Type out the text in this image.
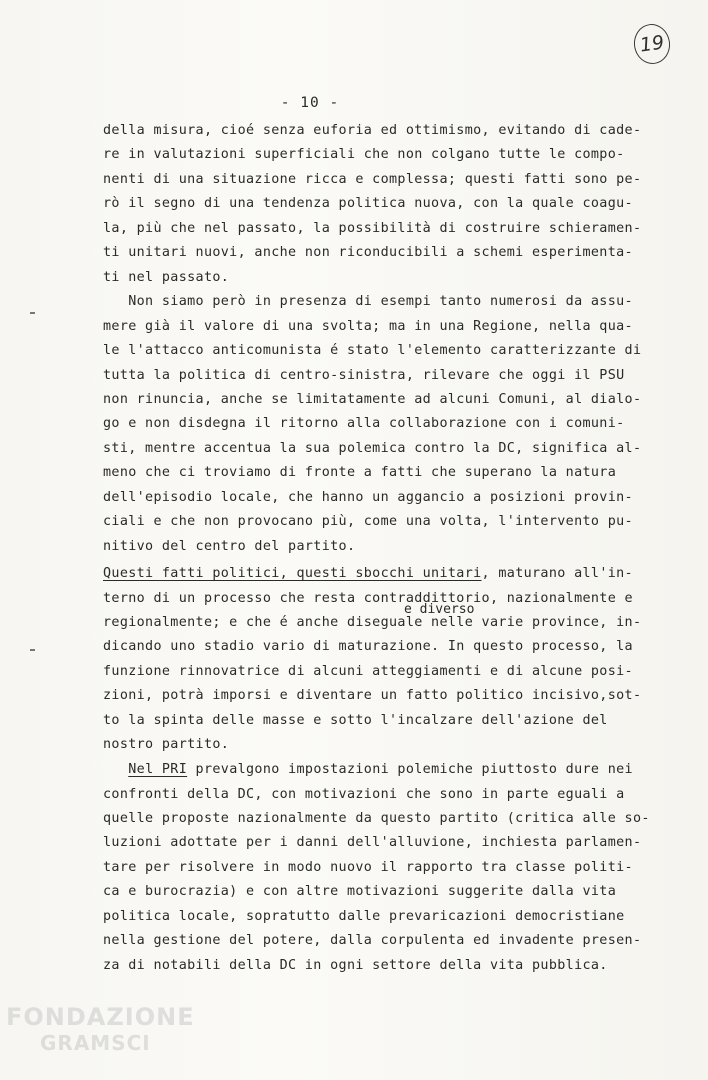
19
- 10 -
della misura, cioé senza euforia ed ottimismo, evitando di cade-
re in valutazioni superficiali che non colgano tutte le compo-
nenti di una situazione ricca e complessa; questi fatti sono pe-
rò il segno di una tendenza politica nuova, con la quale coagu-
la, più che nel passato, la possibilità di costruire schieramen-
ti unitari nuovi, anche non riconducibili a schemi esperimenta-
ti nel passato.
Non siamo però in presenza di esempi tanto numerosi da assu-
mere già il valore di una svolta; ma in una Regione, nella qua-
le l'attacco anticomunista é stato l'elemento caratterizzante di
tutta la politica di centro-sinistra, rilevare che oggi il PSU
non rinuncia, anche se limitatamente ad alcuni Comuni, al dialo-
go e non disdegna il ritorno alla collaborazione con i comuni-
sti, mentre accentua la sua polemica contro la DC, significa al-
meno che ci troviamo di fronte a fatti che superano la natura
dell'episodio locale, che hanno un aggancio a posizioni provin-
ciali e che non provocano più, come una volta, l'intervento pu-
nitivo del centro del partito.
Questi fatti politici, questi sbocchi unitari, maturano all'in-
e diverso
terno di un processo che resta contraddittorio, nazionalmente e
regionalmente; e che é anche diseguale nelle varie province, in-
dicando uno stadio vario di maturazione. In questo processo, la
funzione rinnovatrice di alcuni atteggiamenti e di alcune posi-
zioni, potrà imporsi e diventare un fatto politico incisivo,sot-
to la spinta delle masse e sotto l'incalzare dell'azione del
nostro partito.
Nel PRI prevalgono impostazioni polemiche piuttosto dure nei
confronti della DC, con motivazioni che sono in parte eguali a
quelle proposte nazionalmente da questo partito (critica alle so-
luzioni adottate per i danni dell'alluvione, inchiesta parlamen-
tare per risolvere in modo nuovo il rapporto tra classe politi-
ca e burocrazia) e con altre motivazioni suggerite dalla vita
politica locale, sopratutto dalle prevaricazioni democristiane
nella gestione del potere, dalla corpulenta ed invadente presen-
za di notabili della DC in ogni settore della vita pubblica.
FONDAZIONE
GRAMSCI
